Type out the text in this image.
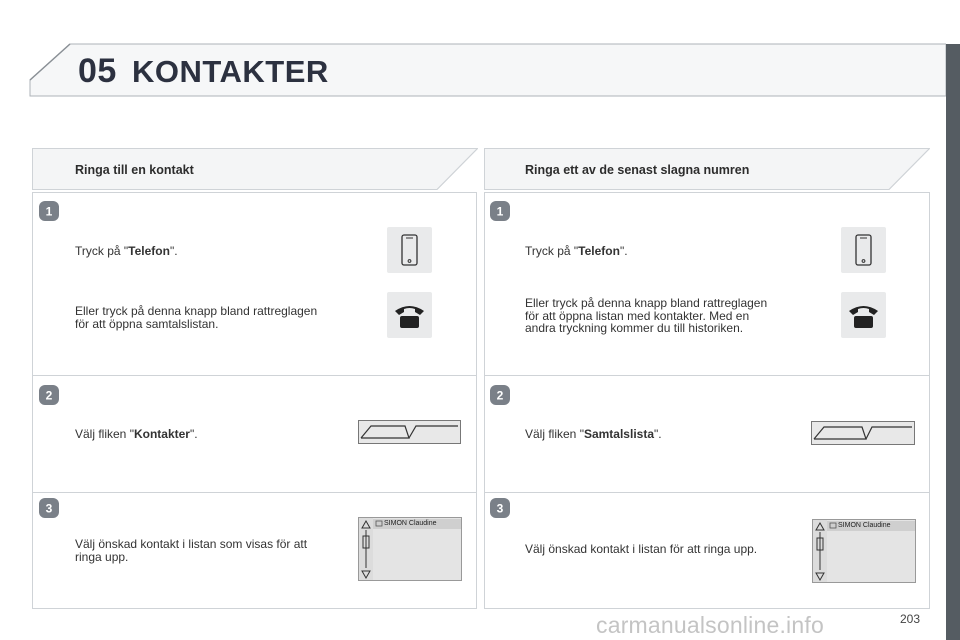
05 KONTAKTER
Ringa till en kontakt
1
2
3
Tryck på "Telefon".
Eller tryck på denna knapp bland rattreglagen
för att öppna samtalslistan.
Välj fliken "Kontakter".
Välj önskad kontakt i listan som visas för att
ringa upp.
SIMON Claudine
Ringa ett av de senast slagna numren
1
2
3
Tryck på "Telefon".
Eller tryck på denna knapp bland rattreglagen
för att öppna listan med kontakter. Med en
andra tryckning kommer du till historiken.
Välj fliken "Samtalslista".
Välj önskad kontakt i listan för att ringa upp.
SIMON Claudine
carmanualsonline.info	203
